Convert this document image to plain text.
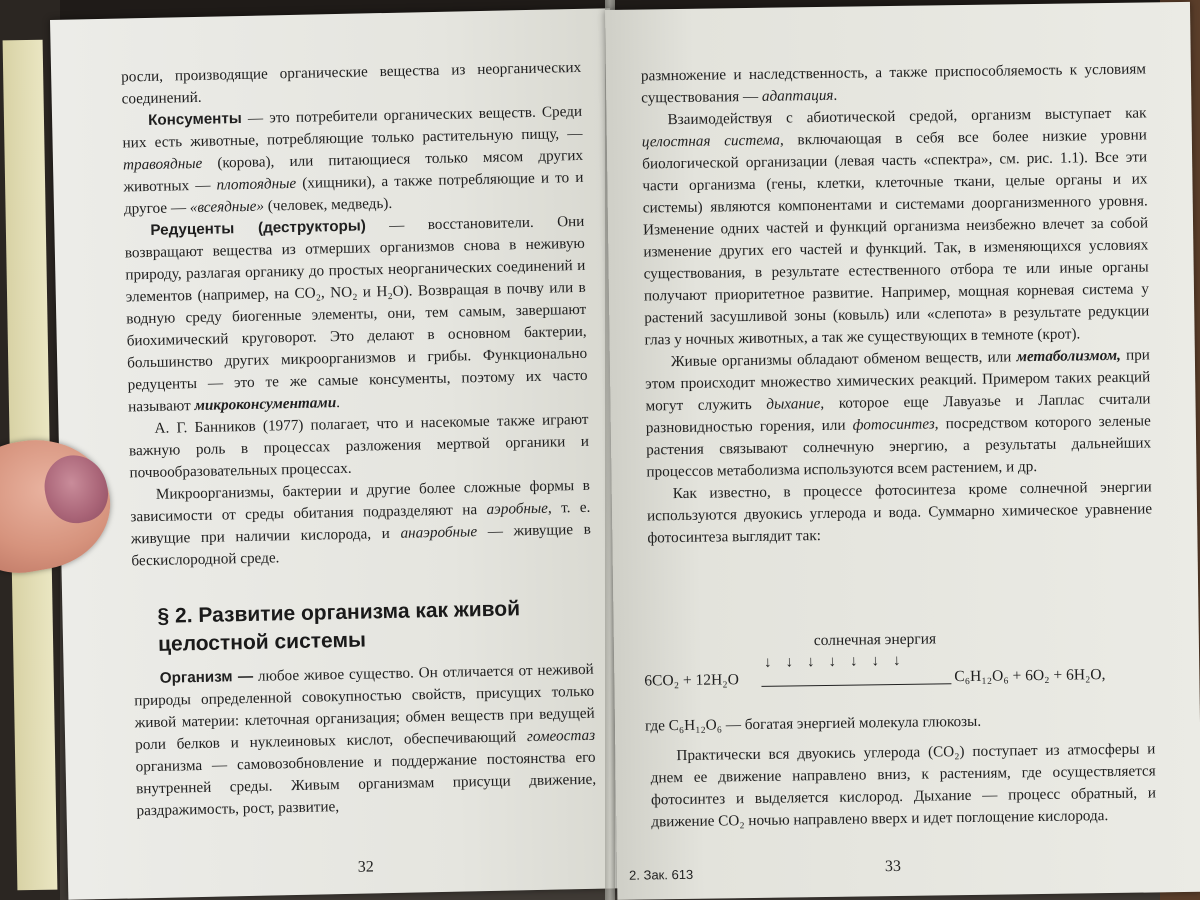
росли, производящие органические вещества из неорганических соединений.

Консументы — это потребители органических веществ. Среди них есть животные, потребляющие только растительную пищу, — травоядные (корова), или питающиеся только мясом других животных — плотоядные (хищники), а также потребляющие и то и другое — «всеядные» (человек, медведь).

Редуценты (деструкторы) — восстановители. Они возвращают вещества из отмерших организмов снова в неживую природу, разлагая органику до простых неорганических соединений и элементов (например, на CO₂, NO₂ и H₂O). Возвращая в почву или в водную среду биогенные элементы, они, тем самым, завершают биохимический круговорот. Это делают в основном бактерии, большинство других микроорганизмов и грибы. Функционально редуценты — это те же самые консументы, поэтому их часто называют микроконсументами.

А. Г. Банников (1977) полагает, что и насекомые также играют важную роль в процессах разложения мертвой органики и почвообразовательных процессах.

Микроорганизмы, бактерии и другие более сложные формы в зависимости от среды обитания подразделяют на аэробные, т. е. живущие при наличии кислорода, и анаэробные — живущие в бескислородной среде.

§ 2. Развитие организма как живой целостной системы

Организм — любое живое существо. Он отличается от неживой природы определенной совокупностью свойств, присущих только живой материи: клеточная организация; обмен веществ при ведущей роли белков и нуклеиновых кислот, обеспечивающий гомеостаз организма — самовозобновление и поддержание постоянства его внутренней среды. Живым организмам присущи движение, раздражимость, рост, развитие,

32

размножение и наследственность, а также приспособляемость к условиям существования — адаптация.

Взаимодействуя с абиотической средой, организм выступает как целостная система, включающая в себя все более низкие уровни биологической организации (левая часть «спектра», см. рис. 1.1). Все эти части организма (гены, клетки, клеточные ткани, целые органы и их системы) являются компонентами и системами доорганизменного уровня. Изменение одних частей и функций организма неизбежно влечет за собой изменение других его частей и функций. Так, в изменяющихся условиях существования, в результате естественного отбора те или иные органы получают приоритетное развитие. Например, мощная корневая система у растений засушливой зоны (ковыль) или «слепота» в результате редукции глаз у ночных животных, а так же существующих в темноте (крот).

Живые организмы обладают обменом веществ, или метаболизмом, при этом происходит множество химических реакций. Примером таких реакций могут служить дыхание, которое еще Лавуазье и Лаплас считали разновидностью горения, или фотосинтез, посредством которого зеленые растения связывают солнечную энергию, а результаты дальнейших процессов метаболизма используются всем растением, и др.

Как известно, в процессе фотосинтеза кроме солнечной энергии используются двуокись углерода и вода. Суммарно химическое уравнение фотосинтеза выглядит так:

солнечная энергия
↓↓↓↓↓↓↓
6CO₂ + 12H₂O	C₆H₁₂O₆ + 6O₂ + 6H₂O,
где C₆H₁₂O₆ — богатая энергией молекула глюкозы.

Практически вся двуокись углерода (CO₂) поступает из атмосферы и днем ее движение направлено вниз, к растениям, где осуществляется фотосинтез и выделяется кислород. Дыхание — процесс обратный, и движение CO₂ ночью направлено вверх и идет поглощение кислорода.

2. Зак. 613	33
